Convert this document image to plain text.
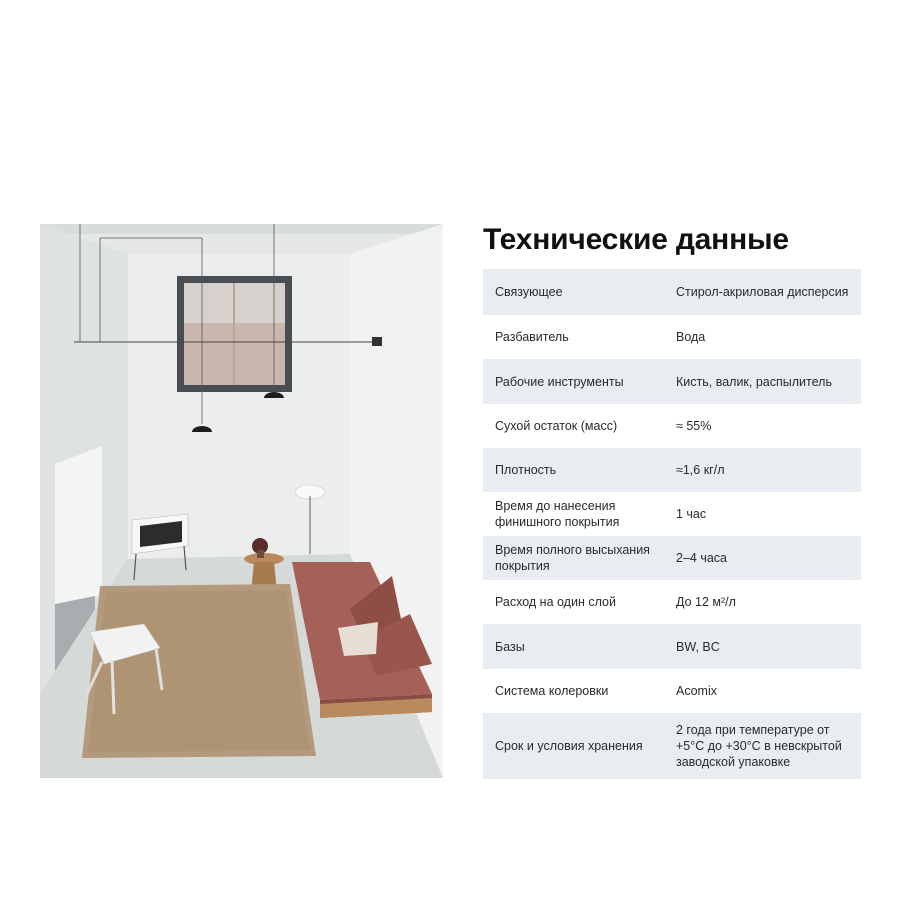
Технические данные
Связующее	Стирол-акриловая дисперсия
Разбавитель	Вода
Рабочие инструменты	Кисть, валик, распылитель
Сухой остаток (масс)	≈ 55%
Плотность	≈1,6 кг/л
Время до нанесения финишного покрытия	1 час
Время полного высыхания покрытия	2–4 часа
Расход на один слой	До 12 м²/л
Базы	BW, BC
Система колеровки	Acomix
Срок и условия хранения	2 года при температуре от +5°C до +30°C в невскрытой заводской упаковке
